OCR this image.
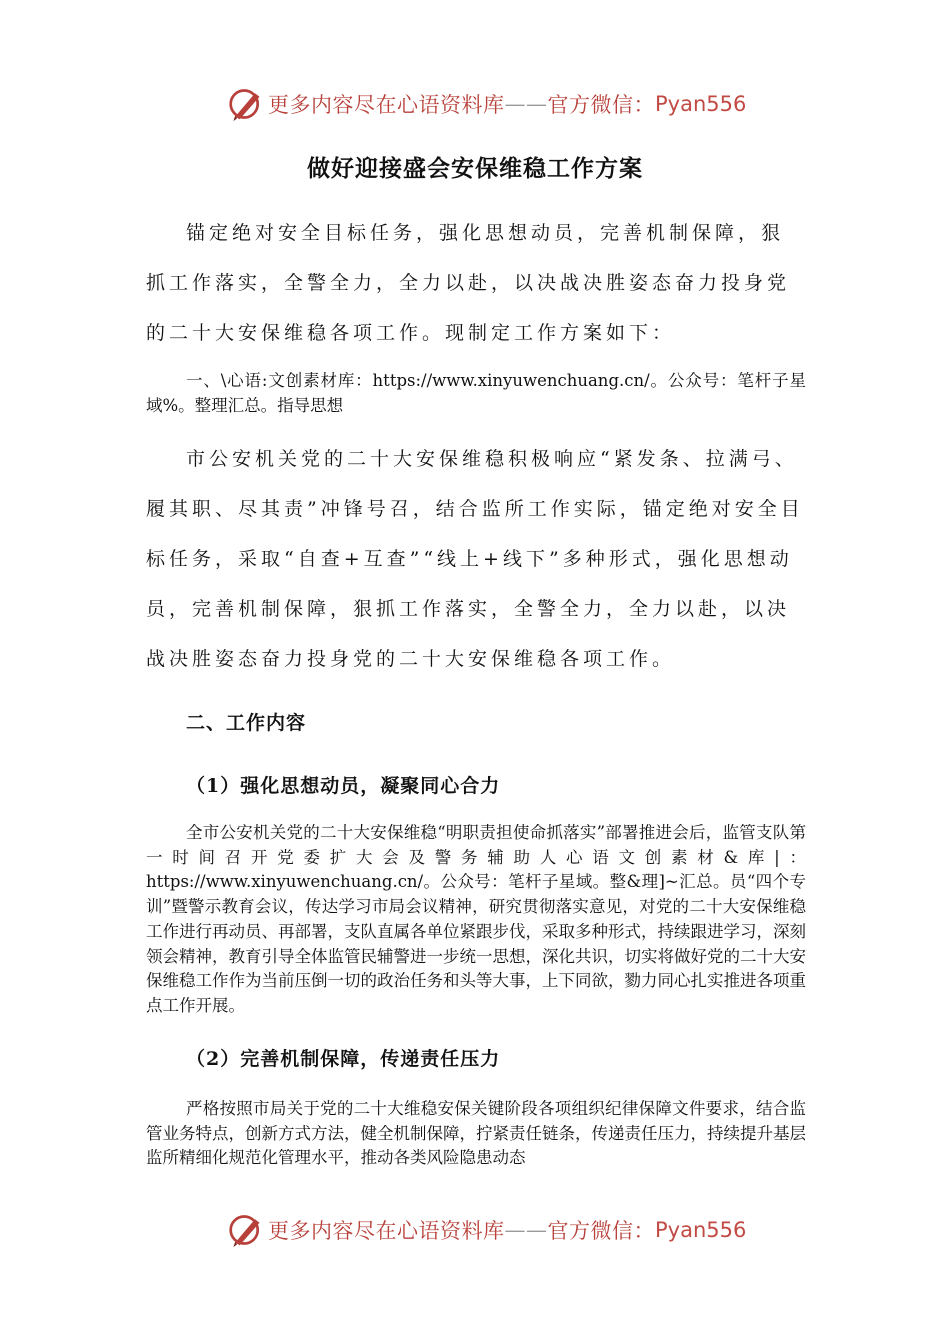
更多内容尽在心语资料库 —— 官方微信： Pyan556
做好迎接盛会安保维稳工作方案

锚定绝对安全目标任务，强化思想动员，完善机制保障，狠抓工作落实，全警全力，全力以赴，以决战决胜姿态奋力投身党的二十大安保维稳各项工作。现制定工作方案如下：

一、\心语:文创素材库：https://www.xinyuwenchuang.cn/。公众号：笔杆子星域%。整理汇总。指导思想

市公安机关党的二十大安保维稳积极响应“紧发条、拉满弓、履其职、尽其责”冲锋号召，结合监所工作实际，锚定绝对安全目标任务，采取“自查+互查”“线上+线下”多种形式，强化思想动员，完善机制保障，狠抓工作落实，全警全力，全力以赴，以决战决胜姿态奋力投身党的二十大安保维稳各项工作。

二、工作内容
（1）强化思想动员，凝聚同心合力

全市公安机关党的二十大安保维稳“明职责担使命抓落实”部署推进会后，监管支队第一时间召开党委扩大会及警务辅助人心语文创素材&库|：https://www.xinyuwenchuang.cn/。公众号：笔杆子星域。整&理]~汇总。员“四个专训”暨警示教育会议，传达学习市局会议精神，研究贯彻落实意见，对党的二十大安保维稳工作进行再动员、再部署，支队直属各单位紧跟步伐，采取多种形式，持续跟进学习，深刻领会精神，教育引导全体监管民辅警进一步统一思想，深化共识，切实将做好党的二十大安保维稳工作作为当前压倒一切的政治任务和头等大事，上下同欲，勠力同心扎实推进各项重点工作开展。

（2）完善机制保障，传递责任压力

严格按照市局关于党的二十大维稳安保关键阶段各项组织纪律保障文件要求，结合监管业务特点，创新方式方法，健全机制保障，拧紧责任链条，传递责任压力，持续提升基层监所精细化规范化管理水平，推动各类风险隐患动态

更多内容尽在心语资料库 —— 官方微信： Pyan556
